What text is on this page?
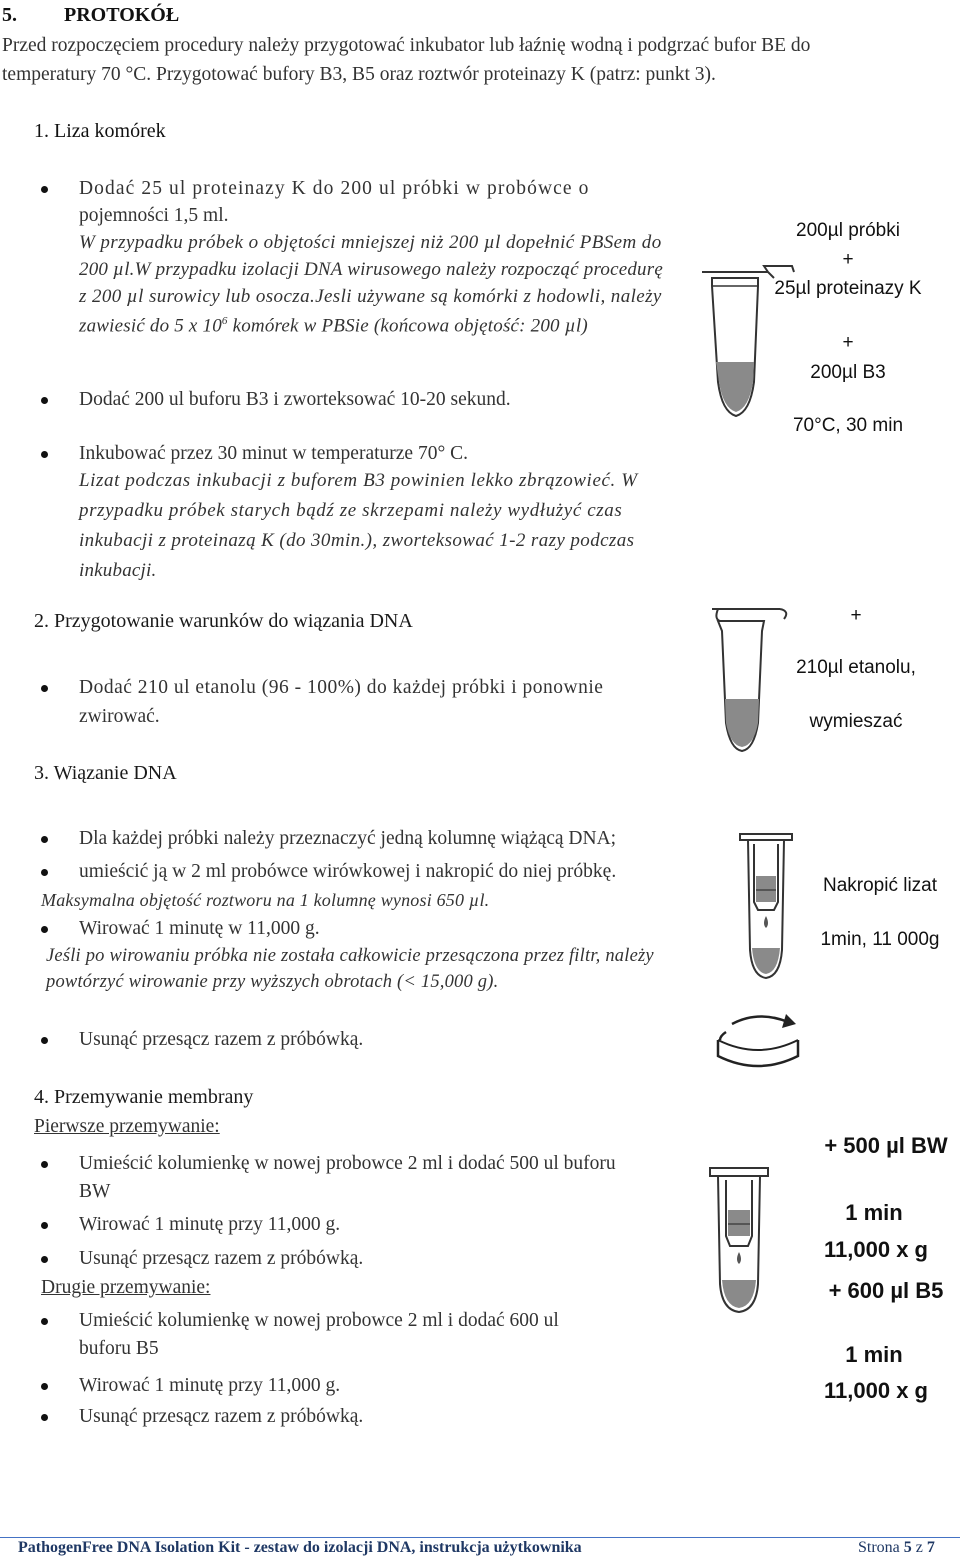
5. PROTOKÓŁ
Przed rozpoczęciem procedury należy przygotować inkubator lub łaźnię wodną i podgrzać bufor BE do
temperatury 70 °C. Przygotować bufory B3, B5 oraz roztwór proteinazy K (patrz: punkt 3).
1. Liza komórek
Dodać 25 ul proteinazy K do 200 ul próbki w probówce o
pojemności 1,5 ml.
W przypadku próbek o objętości mniejszej niż 200 µl dopełnić PBSem do
200 µl.W przypadku izolacji DNA wirusowego należy rozpocząć procedurę
z 200 µl surowicy lub osocza.Jesli używane są komórki z hodowli, należy
zawiesić do 5 x $10^6$ komórek w PBSie (końcowa objętość: 200 µl)
Dodać 200 ul buforu B3 i zworteksować 10-20 sekund.
Inkubować przez 30 minut w temperaturze 70° C.
Lizat podczas inkubacji z buforem B3 powinien lekko zbrązowieć. W
przypadku próbek starych bądź ze skrzepami należy wydłużyć czas
inkubacji z proteinazą K (do 30min.), zworteksować 1-2 razy podczas
inkubacji.
200µl próbki
+
25µl proteinazy K
+
200µl B3
70°C, 30 min
2. Przygotowanie warunków do wiązania DNA
Dodać 210 ul etanolu (96 - 100%) do każdej próbki i ponownie
zwirować.
+
210µl etanolu,
wymieszać
3. Wiązanie DNA
Dla każdej próbki należy przeznaczyć jedną kolumnę wiążącą DNA;
umieścić ją w 2 ml probówce wirówkowej i nakropić do niej próbkę.
Maksymalna objętość roztworu na 1 kolumnę wynosi 650 µl.
Wirować 1 minutę w 11,000 g.
Jeśli po wirowaniu próbka nie została całkowicie przesączona przez filtr, należy
powtórzyć wirowanie przy wyższych obrotach (< 15,000 g).
Usunąć przesącz razem z próbówką.
Nakropić lizat
1min, 11 000g
4. Przemywanie membrany
Pierwsze przemywanie:
Umieścić kolumienkę w nowej probowce 2 ml i dodać 500 ul buforu
BW
Wirować 1 minutę przy 11,000 g.
Usunąć przesącz razem z próbówką.
Drugie przemywanie:
Umieścić kolumienkę w nowej probowce 2 ml i dodać 600 ul
buforu B5
Wirować 1 minutę przy 11,000 g.
Usunąć przesącz razem z próbówką.
+ 500 µl BW
1 min
11,000 x g
+ 600 µl B5
1 min
11,000 x g
PathogenFree DNA Isolation Kit - zestaw do izolacji DNA, instrukcja użytkownika	Strona 5 z 7
